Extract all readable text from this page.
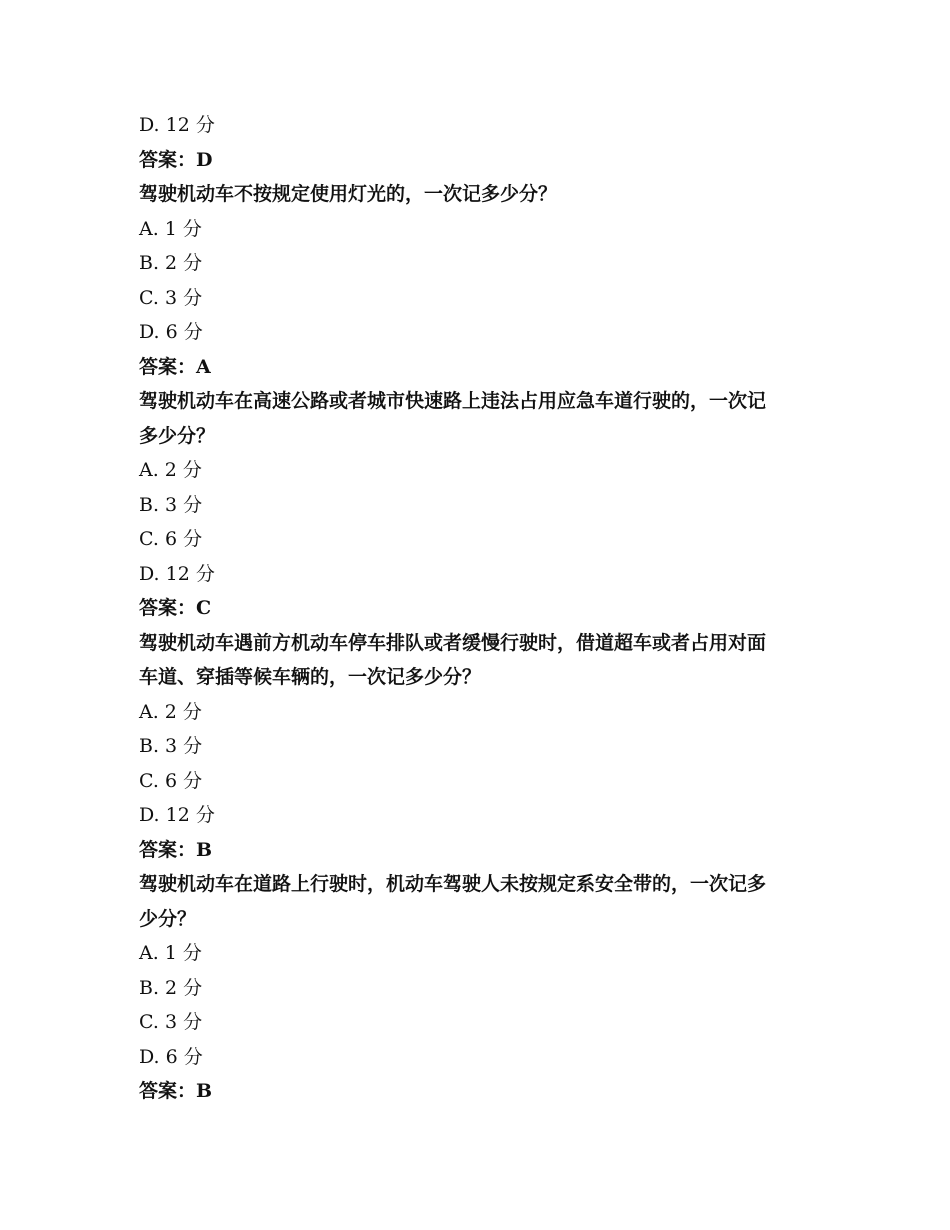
D. 12 分

答案：D

驾驶机动车不按规定使用灯光的，一次记多少分？

A. 1 分

B. 2 分

C. 3 分

D. 6 分

答案：A

驾驶机动车在高速公路或者城市快速路上违法占用应急车道行驶的，一次记

多少分？

A. 2 分

B. 3 分

C. 6 分

D. 12 分

答案：C

驾驶机动车遇前方机动车停车排队或者缓慢行驶时，借道超车或者占用对面

车道、穿插等候车辆的，一次记多少分？

A. 2 分

B. 3 分

C. 6 分

D. 12 分

答案：B

驾驶机动车在道路上行驶时，机动车驾驶人未按规定系安全带的，一次记多

少分？

A. 1 分

B. 2 分

C. 3 分

D. 6 分

答案：B
